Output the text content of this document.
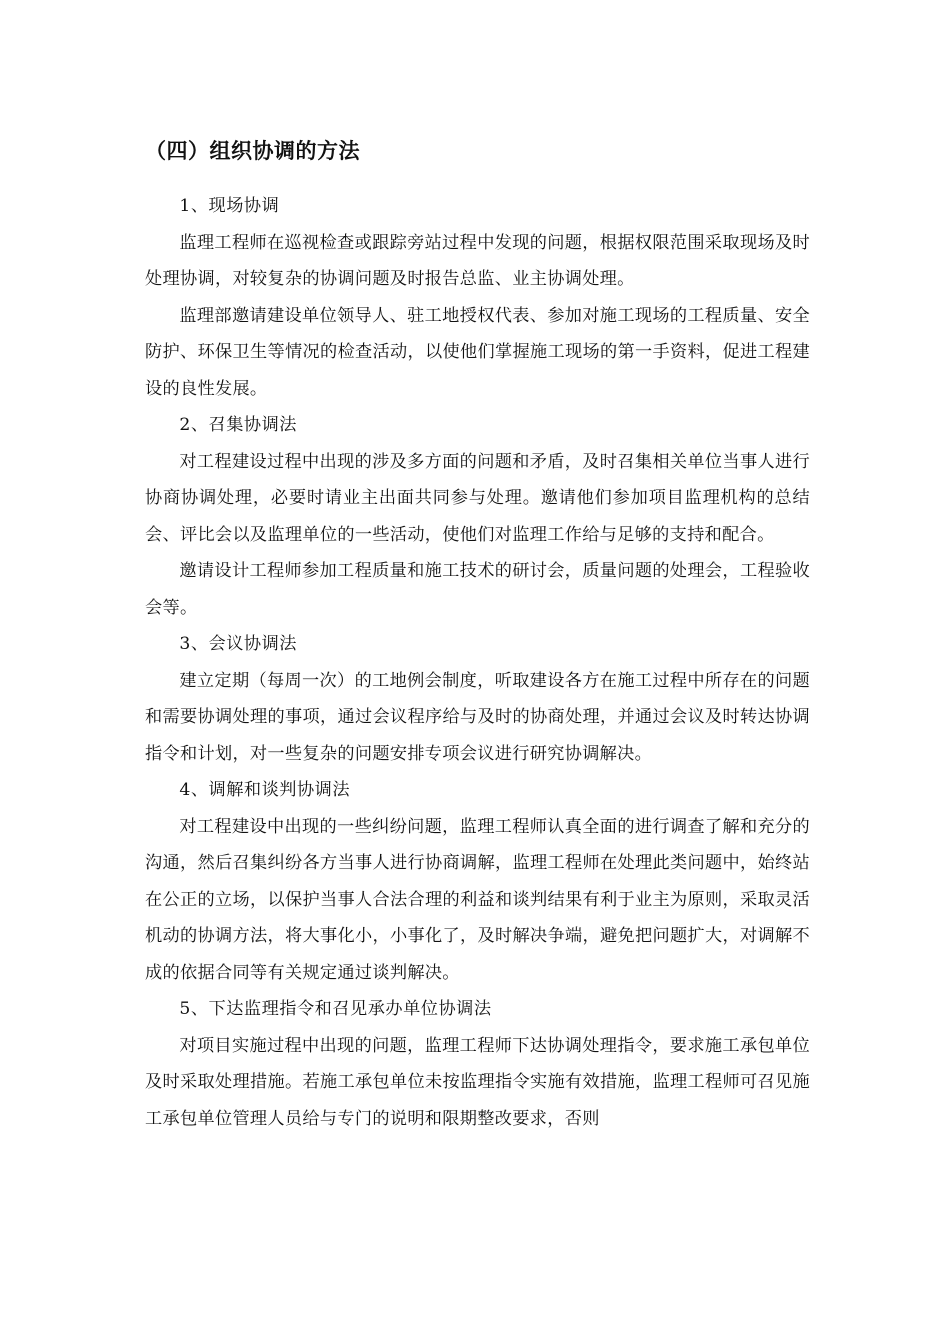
（四）组织协调的方法

1、现场协调

监理工程师在巡视检查或跟踪旁站过程中发现的问题，根据权限范围采取现场及时处理协调，对较复杂的协调问题及时报告总监、业主协调处理。

监理部邀请建设单位领导人、驻工地授权代表、参加对施工现场的工程质量、安全防护、环保卫生等情况的检查活动，以使他们掌握施工现场的第一手资料，促进工程建设的良性发展。

2、召集协调法

对工程建设过程中出现的涉及多方面的问题和矛盾，及时召集相关单位当事人进行协商协调处理，必要时请业主出面共同参与处理。邀请他们参加项目监理机构的总结会、评比会以及监理单位的一些活动，使他们对监理工作给与足够的支持和配合。

邀请设计工程师参加工程质量和施工技术的研讨会，质量问题的处理会，工程验收会等。

3、会议协调法

建立定期（每周一次）的工地例会制度，听取建设各方在施工过程中所存在的问题和需要协调处理的事项，通过会议程序给与及时的协商处理，并通过会议及时转达协调指令和计划，对一些复杂的问题安排专项会议进行研究协调解决。

4、调解和谈判协调法

对工程建设中出现的一些纠纷问题，监理工程师认真全面的进行调查了解和充分的沟通，然后召集纠纷各方当事人进行协商调解，监理工程师在处理此类问题中，始终站在公正的立场，以保护当事人合法合理的利益和谈判结果有利于业主为原则，采取灵活机动的协调方法，将大事化小，小事化了，及时解决争端，避免把问题扩大，对调解不成的依据合同等有关规定通过谈判解决。

5、下达监理指令和召见承办单位协调法

对项目实施过程中出现的问题，监理工程师下达协调处理指令，要求施工承包单位及时采取处理措施。若施工承包单位未按监理指令实施有效措施，监理工程师可召见施工承包单位管理人员给与专门的说明和限期整改要求，否则
